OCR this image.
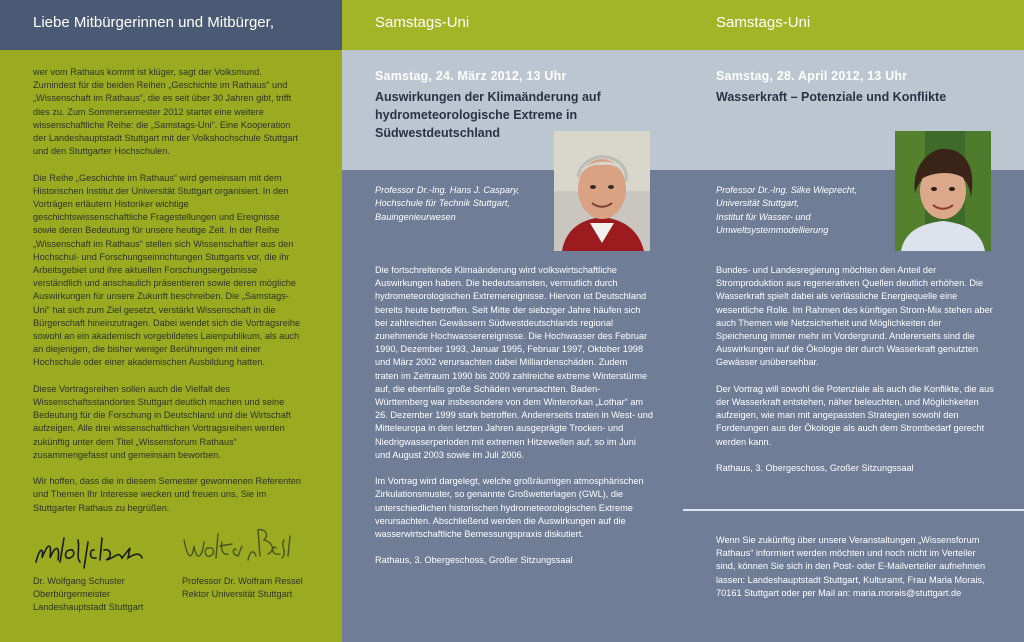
Liebe Mitbürgerinnen und Mitbürger,

wer vom Rathaus kommt ist klüger, sagt der Volksmund. Zumindest für die beiden Reihen „Geschichte im Rathaus“ und „Wissenschaft im Rathaus“, die es seit über 30 Jahren gibt, trifft dies zu. Zum Sommersemester 2012 startet eine weitere wissenschaftliche Reihe: die „Samstags-Uni“. Eine Kooperation der Landeshauptstadt Stuttgart mit der Volkshochschule Stuttgart und den Stuttgarter Hochschulen.

Die Reihe „Geschichte im Rathaus“ wird gemeinsam mit dem Historischen Institut der Universität Stuttgart organisiert. In den Vorträgen erläutern Historiker wichtige geschichtswissenschaftliche Fragestellungen und Ereignisse sowie deren Bedeutung für unsere heutige Zeit. In der Reihe „Wissenschaft im Rathaus“ stellen sich Wissenschaftler aus den Hochschul- und Forschungseinrichtungen Stuttgarts vor, die ihr Arbeitsgebiet und ihre aktuellen Forschungsergebnisse verständlich und anschaulich präsentieren sowie deren mögliche Auswirkungen für unsere Zukunft beschreiben. Die „Samstags-Uni“ hat sich zum Ziel gesetzt, verstärkt Wissenschaft in die Bürgerschaft hineinzutragen. Dabei wendet sich die Vortragsreihe sowohl an ein akademisch vorgebildetes Laienpublikum, als auch an diejenigen, die bisher weniger Berührungen mit einer Hochschule oder einer akademischen Ausbildung hatten.

Diese Vortragsreihen sollen auch die Vielfalt des Wissenschaftsstandortes Stuttgart deutlich machen und seine Bedeutung für die Forschung in Deutschland und die Wirtschaft aufzeigen. Alle drei wissenschaftlichen Vortragsreihen werden zukünftig unter dem Titel „Wissensforum Rathaus“ zusammengefasst und gemeinsam beworben.

Wir hoffen, dass die in diesem Semester gewonnenen Referenten und Themen Ihr Interesse wecken und freuen uns, Sie im Stuttgarter Rathaus zu begrüßen.

Dr. Wolfgang Schuster
Oberbürgermeister
Landeshauptstadt Stuttgart
Professor Dr. Wolfram Ressel
Rektor Universität Stuttgart
Samstags-Uni
Samstag, 24. März 2012, 13 Uhr
Auswirkungen der Klimaänderung auf hydrometeorologische Extreme in Südwestdeutschland
Professor Dr.-Ing. Hans J. Caspary,
Hochschule für Technik Stuttgart,
Bauingenieurwesen

Die fortschreitende Klimaänderung wird volkswirtschaftliche Auswirkungen haben. Die bedeutsamsten, vermutlich durch hydrometeorologischen Extremereignisse. Hiervon ist Deutschland bereits heute betroffen. Seit Mitte der siebziger Jahre häufen sich bei zahlreichen Gewässern Südwestdeutschlands regional zunehmende Hochwasserereignisse. Die Hochwasser des Februar 1990, Dezember 1993, Januar 1995, Februar 1997, Oktober 1998 und März 2002 verursachten dabei Milliardenschäden. Zudem traten im Zeitraum 1990 bis 2009 zahlreiche extreme Winterstürme auf, die ebenfalls große Schäden verursachten. Baden-Württemberg war insbesondere von dem Winterorkan „Lothar“ am 26. Dezember 1999 stark betroffen. Andererseits traten in West- und Mitteleuropa in den letzten Jahren ausgeprägte Trocken- und Niedrigwasserperioden mit extremen Hitzewellen auf, so im Juni und August 2003 sowie im Juli 2006.

Im Vortrag wird dargelegt, welche großräumigen atmosphärischen Zirkulationsmuster, so genannte Großwetterlagen (GWL), die unterschiedlichen historischen hydrometeorologischen Extreme verursachten. Abschließend werden die Auswirkungen auf die wasserwirtschaftliche Bemessungspraxis diskutiert.

Rathaus, 3. Obergeschoss, Großer Sitzungssaal

Samstags-Uni
Samstag, 28. April 2012, 13 Uhr
Wasserkraft – Potenziale und Konflikte
Professor Dr.-Ing. Silke Wieprecht,
Universität Stuttgart,
Institut für Wasser- und
Umweltsystemmodellierung

Bundes- und Landesregierung möchten den Anteil der Stromproduktion aus regenerativen Quellen deutlich erhöhen. Die Wasserkraft spielt dabei als verlässliche Energiequelle eine wesentliche Rolle. Im Rahmen des künftigen Strom-Mix stehen aber auch Themen wie Netzsicherheit und Möglichkeiten der Speicherung immer mehr im Vordergrund. Andererseits sind die Auswirkungen auf die Ökologie der durch Wasserkraft genutzten Gewässer unübersehbar.

Der Vortrag will sowohl die Potenziale als auch die Konflikte, die aus der Wasserkraft entstehen, näher beleuchten, und Möglichkeiten aufzeigen, wie man mit angepassten Strategien sowohl den Forderungen aus der Ökologie als auch dem Strombedarf gerecht werden kann.

Rathaus, 3. Obergeschoss, Großer Sitzungssaal

Wenn Sie zukünftig über unsere Veranstaltungen „Wissensforum Rathaus“ informiert werden möchten und noch nicht im Verteiler sind, können Sie sich in den Post- oder E-Mailverteiler aufnehmen lassen: Landeshauptstadt Stuttgart, Kulturamt, Frau Maria Morais, 70161 Stuttgart oder per Mail an: maria.morais@stuttgart.de
